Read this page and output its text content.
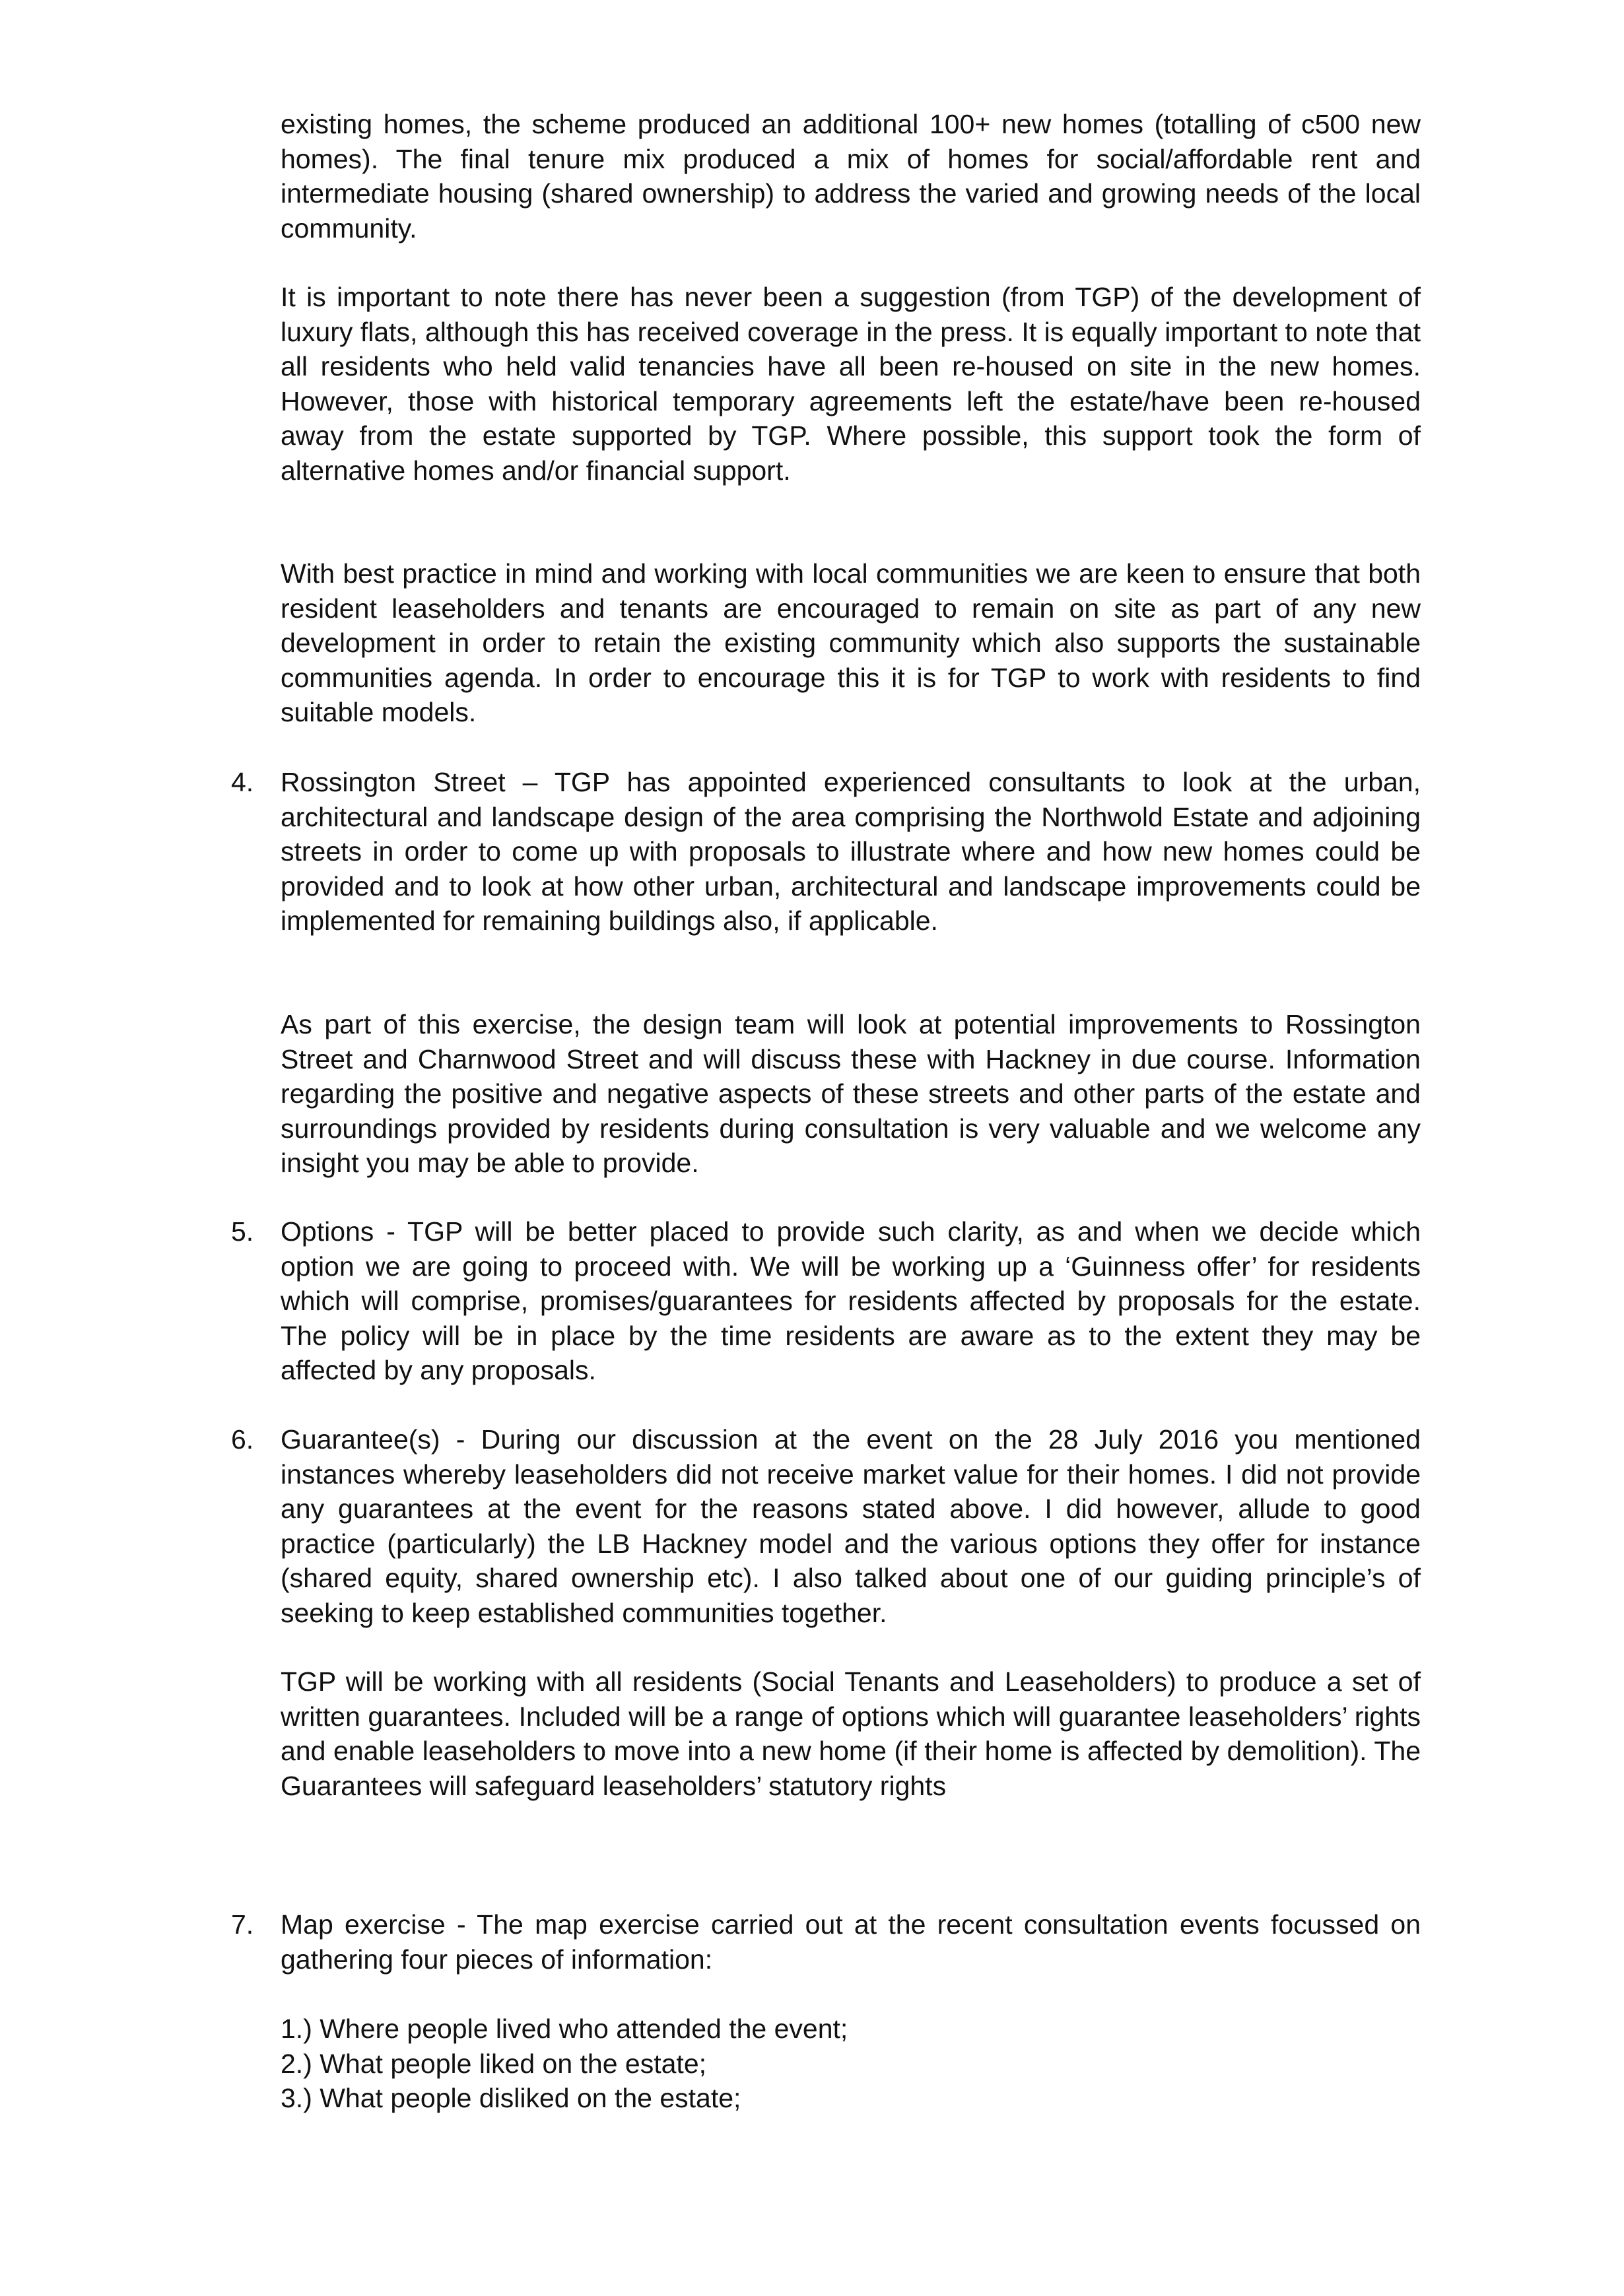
existing homes, the scheme produced an additional 100+ new homes (totalling of c500 new homes). The final tenure mix produced a mix of homes for social/affordable rent and intermediate housing (shared ownership) to address the varied and growing needs of the local community.

It is important to note there has never been a suggestion (from TGP) of the development of luxury flats, although this has received coverage in the press. It is equally important to note that all residents who held valid tenancies have all been re-housed on site in the new homes. However, those with historical temporary agreements left the estate/have been re-housed away from the estate supported by TGP. Where possible, this support took the form of alternative homes and/or financial support.

With best practice in mind and working with local communities we are keen to ensure that both resident leaseholders and tenants are encouraged to remain on site as part of any new development in order to retain the existing community which also supports the sustainable communities agenda. In order to encourage this it is for TGP to work with residents to find suitable models.

4. Rossington Street – TGP has appointed experienced consultants to look at the urban, architectural and landscape design of the area comprising the Northwold Estate and adjoining streets in order to come up with proposals to illustrate where and how new homes could be provided and to look at how other urban, architectural and landscape improvements could be implemented for remaining buildings also, if applicable.

As part of this exercise, the design team will look at potential improvements to Rossington Street and Charnwood Street and will discuss these with Hackney in due course. Information regarding the positive and negative aspects of these streets and other parts of the estate and surroundings provided by residents during consultation is very valuable and we welcome any insight you may be able to provide.

5. Options - TGP will be better placed to provide such clarity, as and when we decide which option we are going to proceed with. We will be working up a ‘Guinness offer’ for residents which will comprise, promises/guarantees for residents affected by proposals for the estate. The policy will be in place by the time residents are aware as to the extent they may be affected by any proposals.
6. Guarantee(s) - During our discussion at the event on the 28 July 2016 you mentioned instances whereby leaseholders did not receive market value for their homes. I did not provide any guarantees at the event for the reasons stated above. I did however, allude to good practice (particularly) the LB Hackney model and the various options they offer for instance (shared equity, shared ownership etc). I also talked about one of our guiding principle’s of seeking to keep established communities together.

TGP will be working with all residents (Social Tenants and Leaseholders) to produce a set of written guarantees. Included will be a range of options which will guarantee leaseholders’ rights and enable leaseholders to move into a new home (if their home is affected by demolition). The Guarantees will safeguard leaseholders’ statutory rights

7. Map exercise - The map exercise carried out at the recent consultation events focussed on gathering four pieces of information:
1.) Where people lived who attended the event;
2.) What people liked on the estate;
3.) What people disliked on the estate;
